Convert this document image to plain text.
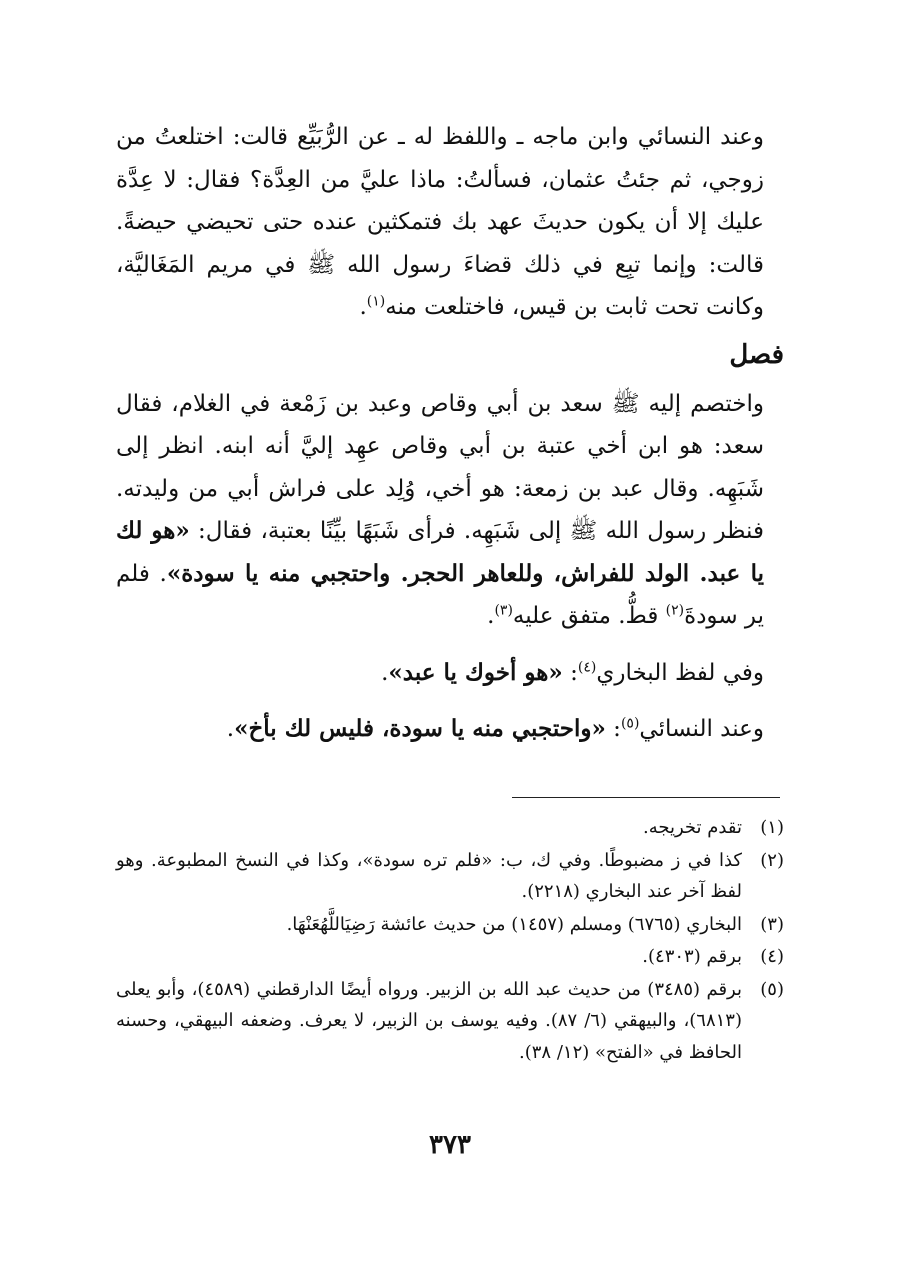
وعند النسائي وابن ماجه ـ واللفظ له ـ عن الرُّبَيِّع قالت: اختلعتُ من زوجي، ثم جئتُ عثمان، فسألتُ: ماذا عليَّ من العِدَّة؟ فقال: لا عِدَّة عليك إلا أن يكون حديثَ عهد بك فتمكثين عنده حتى تحيضي حيضةً. قالت: وإنما تبِع في ذلك قضاءَ رسول الله ﷺ في مريم المَغَاليَّة، وكانت تحت ثابت بن قيس، فاختلعت منه$^{(١)}$.

فصل

واختصم إليه ﷺ سعد بن أبي وقاص وعبد بن زَمْعة في الغلام، فقال سعد: هو ابن أخي عتبة بن أبي وقاص عهِد إليَّ أنه ابنه. انظر إلى شَبَهِه. وقال عبد بن زمعة: هو أخي، وُلِد على فراش أبي من وليدته. فنظر رسول الله ﷺ إلى شَبَهِه. فرأى شَبَهًا بيِّنًا بعتبة، فقال: «هو لك يا عبد. الولد للفراش، وللعاهر الحجر. واحتجبي منه يا سودة». فلم ير سودةَ$^{(٢)}$ قطُّ. متفق عليه$^{(٣)}$.

وفي لفظ البخاري$^{(٤)}$: «هو أخوك يا عبد».

وعند النسائي$^{(٥)}$: «واحتجبي منه يا سودة، فليس لك بأخ».

(١)
تقدم تخريجه.
(٢)
كذا في ز مضبوطًا. وفي ك، ب: «فلم تره سودة»، وكذا في النسخ المطبوعة. وهو لفظ آخر عند البخاري (٢٢١٨).
(٣)
البخاري (٦٧٦٥) ومسلم (١٤٥٧) من حديث عائشة رَضِيَاللَّهُعَنْهَا.
(٤)
برقم (٤٣٠٣).
(٥)
برقم (٣٤٨٥) من حديث عبد الله بن الزبير. ورواه أيضًا الدارقطني (٤٥٨٩)، وأبو يعلى (٦٨١٣)، والبيهقي (٦/ ٨٧). وفيه يوسف بن الزبير، لا يعرف. وضعفه البيهقي، وحسنه الحافظ في «الفتح» (١٢/ ٣٨).
٣٧٣
